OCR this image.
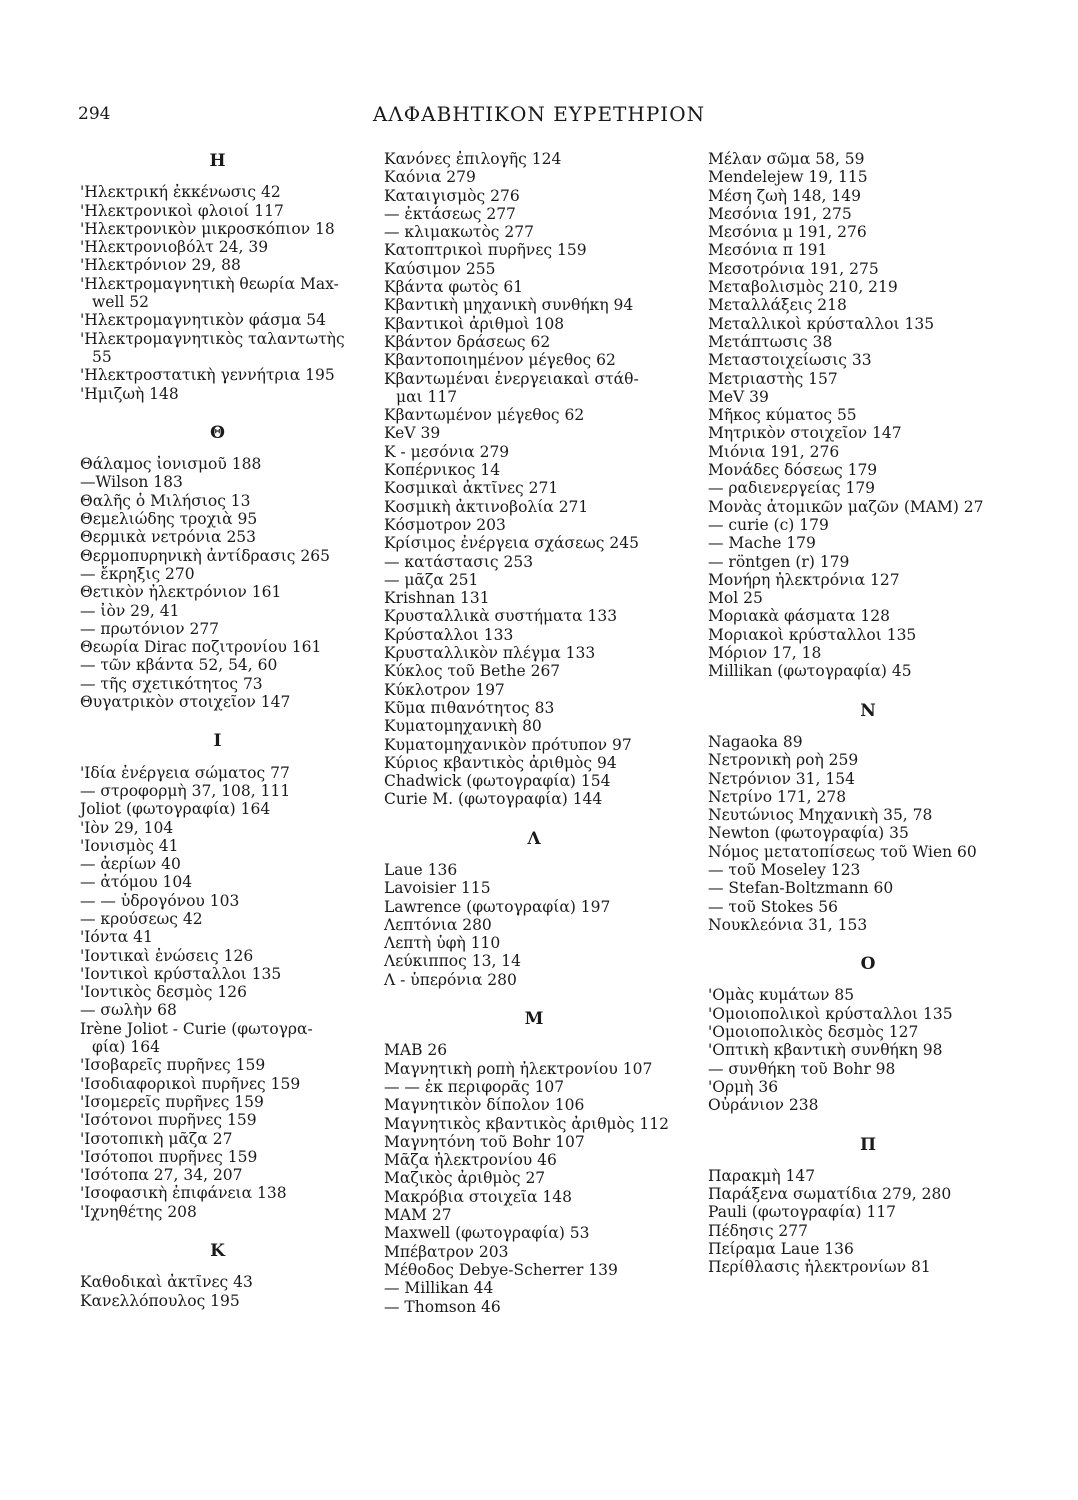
294	ΑΛΦΑΒΗΤΙΚΟΝ ΕΥΡΕΤΗΡΙΟΝ
Η
'Ηλεκτρική ἐκκένωσις 42
'Ηλεκτρονικοὶ φλοιοί 117
'Ηλεκτρονικὸν μικροσκόπιον 18
'Ηλεκτρονιοβόλτ 24, 39
'Ηλεκτρόνιον 29, 88
'Ηλεκτρομαγνητικὴ θεωρία Max-
well 52
'Ηλεκτρομαγνητικὸν φάσμα 54
'Ηλεκτρομαγνητικὸς ταλαντωτὴς
55
'Ηλεκτροστατικὴ γεννήτρια 195
'Ημιζωὴ 148
Θ
Θάλαμος ἰονισμοῦ 188
—Wilson 183
Θαλῆς ὁ Μιλήσιος 13
Θεμελιώδης τροχιὰ 95
Θερμικὰ νετρόνια 253
Θερμοπυρηνικὴ ἀντίδρασις 265
— ἔκρηξις 270
Θετικὸν ἠλεκτρόνιον 161
— ἰὸν 29, 41
— πρωτόνιον 277
Θεωρία Dirac ποζιτρονίου 161
— τῶν κβάντα 52, 54, 60
— τῆς σχετικότητος 73
Θυγατρικὸν στοιχεῖον 147
Ι
'Ιδία ἐνέργεια σώματος 77
— στροφορμὴ 37, 108, 111
Joliot (φωτογραφία) 164
'Ιὸν 29, 104
'Ιονισμὸς 41
— ἀερίων 40
— ἀτόμου 104
— — ὑδρογόνου 103
— κρούσεως 42
'Ιόντα 41
'Ιοντικαὶ ἑνώσεις 126
'Ιοντικοὶ κρύσταλλοι 135
'Ιοντικὸς δεσμὸς 126
— σωλὴν 68
Irène Joliot - Curie (φωτογρα-
φία) 164
'Ισοβαρεῖς πυρῆνες 159
'Ισοδιαφορικοὶ πυρῆνες 159
'Ισομερεῖς πυρῆνες 159
'Ισότονοι πυρῆνες 159
'Ισοτοπικὴ μᾶζα 27
'Ισότοποι πυρῆνες 159
'Ισότοπα 27, 34, 207
'Ισοφασικὴ ἐπιφάνεια 138
'Ιχνηθέτης 208
Κ
Καθοδικαὶ ἀκτῖνες 43
Κανελλόπουλος 195
Κανόνες ἐπιλογῆς 124
Καόνια 279
Καταιγισμὸς 276
— ἐκτάσεως 277
— κλιμακωτὸς 277
Κατοπτρικοὶ πυρῆνες 159
Καύσιμον 255
Κβάντα φωτὸς 61
Κβαντικὴ μηχανικὴ συνθήκη 94
Κβαντικοὶ ἀριθμοὶ 108
Κβάντον δράσεως 62
Κβαντοποιημένον μέγεθος 62
Κβαντωμέναι ἐνεργειακαὶ στάθ-
μαι 117
Κβαντωμένον μέγεθος 62
KeV 39
Κ - μεσόνια 279
Κοπέρνικος 14
Κοσμικαὶ ἀκτῖνες 271
Κοσμικὴ ἀκτινοβολία 271
Κόσμοτρον 203
Κρίσιμος ἐνέργεια σχάσεως 245
— κατάστασις 253
— μᾶζα 251
Krishnan 131
Κρυσταλλικὰ συστήματα 133
Κρύσταλλοι 133
Κρυσταλλικὸν πλέγμα 133
Κύκλος τοῦ Bethe 267
Κύκλοτρον 197
Κῦμα πιθανότητος 83
Κυματομηχανικὴ 80
Κυματομηχανικὸν πρότυπον 97
Κύριος κβαντικὸς ἀριθμὸς 94
Chadwick (φωτογραφία) 154
Curie M. (φωτογραφία) 144
Λ
Laue 136
Lavoisier 115
Lawrence (φωτογραφία) 197
Λεπτόνια 280
Λεπτὴ ὑφὴ 110
Λεύκιππος 13, 14
Λ - ὑπερόνια 280
Μ
MAB 26
Μαγνητικὴ ροπὴ ἠλεκτρονίου 107
— — ἐκ περιφορᾶς 107
Μαγνητικὸν δίπολον 106
Μαγνητικὸς κβαντικὸς ἀριθμὸς 112
Μαγνητόνη τοῦ Bohr 107
Μᾶζα ἠλεκτρονίου 46
Μαζικὸς ἀριθμὸς 27
Μακρόβια στοιχεῖα 148
MAM 27
Maxwell (φωτογραφία) 53
Μπέβατρον 203
Μέθοδος Debye-Scherrer 139
— Millikan 44
— Thomson 46
Μέλαν σῶμα 58, 59
Mendelejew 19, 115
Μέση ζωὴ 148, 149
Μεσόνια 191, 275
Μεσόνια μ 191, 276
Μεσόνια π 191
Μεσοτρόνια 191, 275
Μεταβολισμὸς 210, 219
Μεταλλάξεις 218
Μεταλλικοὶ κρύσταλλοι 135
Μετάπτωσις 38
Μεταστοιχείωσις 33
Μετριαστὴς 157
MeV 39
Μῆκος κύματος 55
Μητρικὸν στοιχεῖον 147
Μιόνια 191, 276
Μονάδες δόσεως 179
— ραδιενεργείας 179
Μονὰς ἀτομικῶν μαζῶν (MAM) 27
— curie (c) 179
— Mache 179
— röntgen (r) 179
Μονήρη ἠλεκτρόνια 127
Mol 25
Μοριακὰ φάσματα 128
Μοριακοὶ κρύσταλλοι 135
Μόριον 17, 18
Millikan (φωτογραφία) 45
Ν
Nagaoka 89
Νετρονικὴ ροὴ 259
Νετρόνιον 31, 154
Νετρίνο 171, 278
Νευτώνιος Μηχανικὴ 35, 78
Newton (φωτογραφία) 35
Νόμος μετατοπίσεως τοῦ Wien 60
— τοῦ Moseley 123
— Stefan-Boltzmann 60
— τοῦ Stokes 56
Νουκλεόνια 31, 153
Ο
'Ομὰς κυμάτων 85
'Ομοιοπολικοὶ κρύσταλλοι 135
'Ομοιοπολικὸς δεσμὸς 127
'Οπτικὴ κβαντικὴ συνθήκη 98
— συνθήκη τοῦ Bohr 98
'Ορμὴ 36
Οὐράνιον 238
Π
Παρακμὴ 147
Παράξενα σωματίδια 279, 280
Pauli (φωτογραφία) 117
Πέδησις 277
Πείραμα Laue 136
Περίθλασις ἠλεκτρονίων 81
